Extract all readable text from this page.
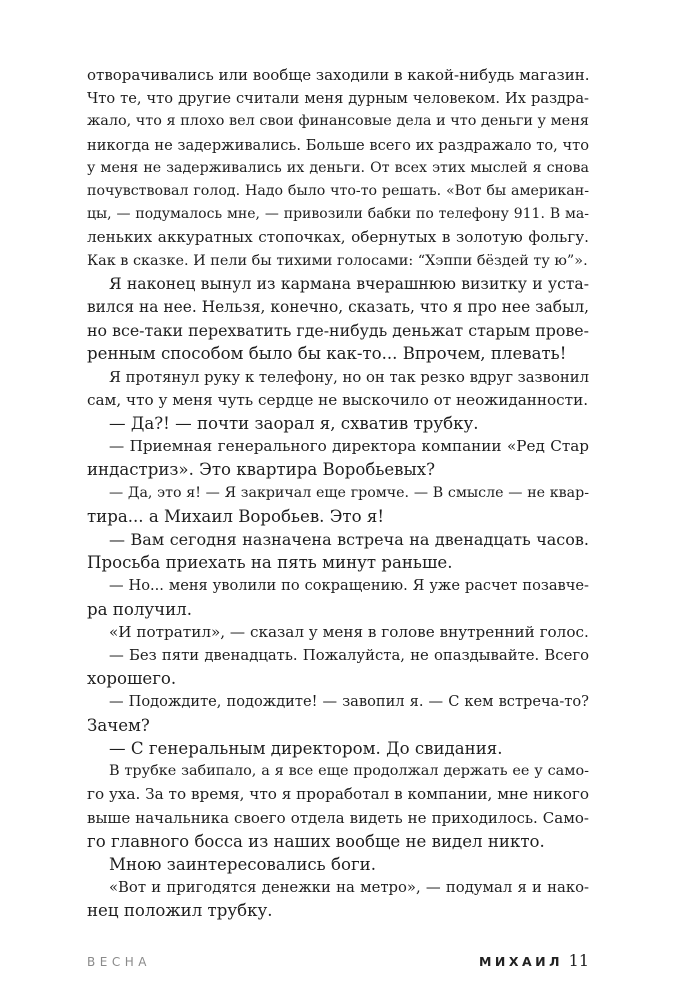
отворачивались или вообще заходили в какой-нибудь магазин.
Что те, что другие считали меня дурным человеком. Их раздра-
жало, что я плохо вел свои финансовые дела и что деньги у меня
никогда не задерживались. Больше всего их раздражало то, что
у меня не задерживались их деньги. От всех этих мыслей я снова
почувствовал голод. Надо было что-то решать. «Вот бы американ-
цы, — подумалось мне, — привозили бабки по телефону 911. В ма-
леньких аккуратных стопочках, обернутых в золотую фольгу.
Как в сказке. И пели бы тихими голосами: “Хэппи бёздей ту ю”».

Я наконец вынул из кармана вчерашнюю визитку и уста-
вился на нее. Нельзя, конечно, сказать, что я про нее забыл,
но все-таки перехватить где-нибудь деньжат старым прове-
ренным способом было бы как-то... Впрочем, плевать!

Я протянул руку к телефону, но он так резко вдруг зазвонил
сам, что у меня чуть сердце не выскочило от неожиданности.

— Да?! — почти заорал я, схватив трубку.

— Приемная генерального директора компании «Ред Стар
индастриз». Это квартира Воробьевых?

— Да, это я! — Я закричал еще громче. — В смысле — не квар-
тира... а Михаил Воробьев. Это я!

— Вам сегодня назначена встреча на двенадцать часов.
Просьба приехать на пять минут раньше.

— Но... меня уволили по сокращению. Я уже расчет позавче-
ра получил.

«И потратил», — сказал у меня в голове внутренний голос.

— Без пяти двенадцать. Пожалуйста, не опаздывайте. Всего
хорошего.

— Подождите, подождите! — завопил я. — С кем встреча-то?
Зачем?

— С генеральным директором. До свидания.

В трубке забипало, а я все еще продолжал держать ее у само-
го уха. За то время, что я проработал в компании, мне никого
выше начальника своего отдела видеть не приходилось. Само-
го главного босса из наших вообще не видел никто.

Мною заинтересовались боги.

«Вот и пригодятся денежки на метро», — подумал я и нако-
нец положил трубку.

ВЕСНА	МИХАИЛ 11
